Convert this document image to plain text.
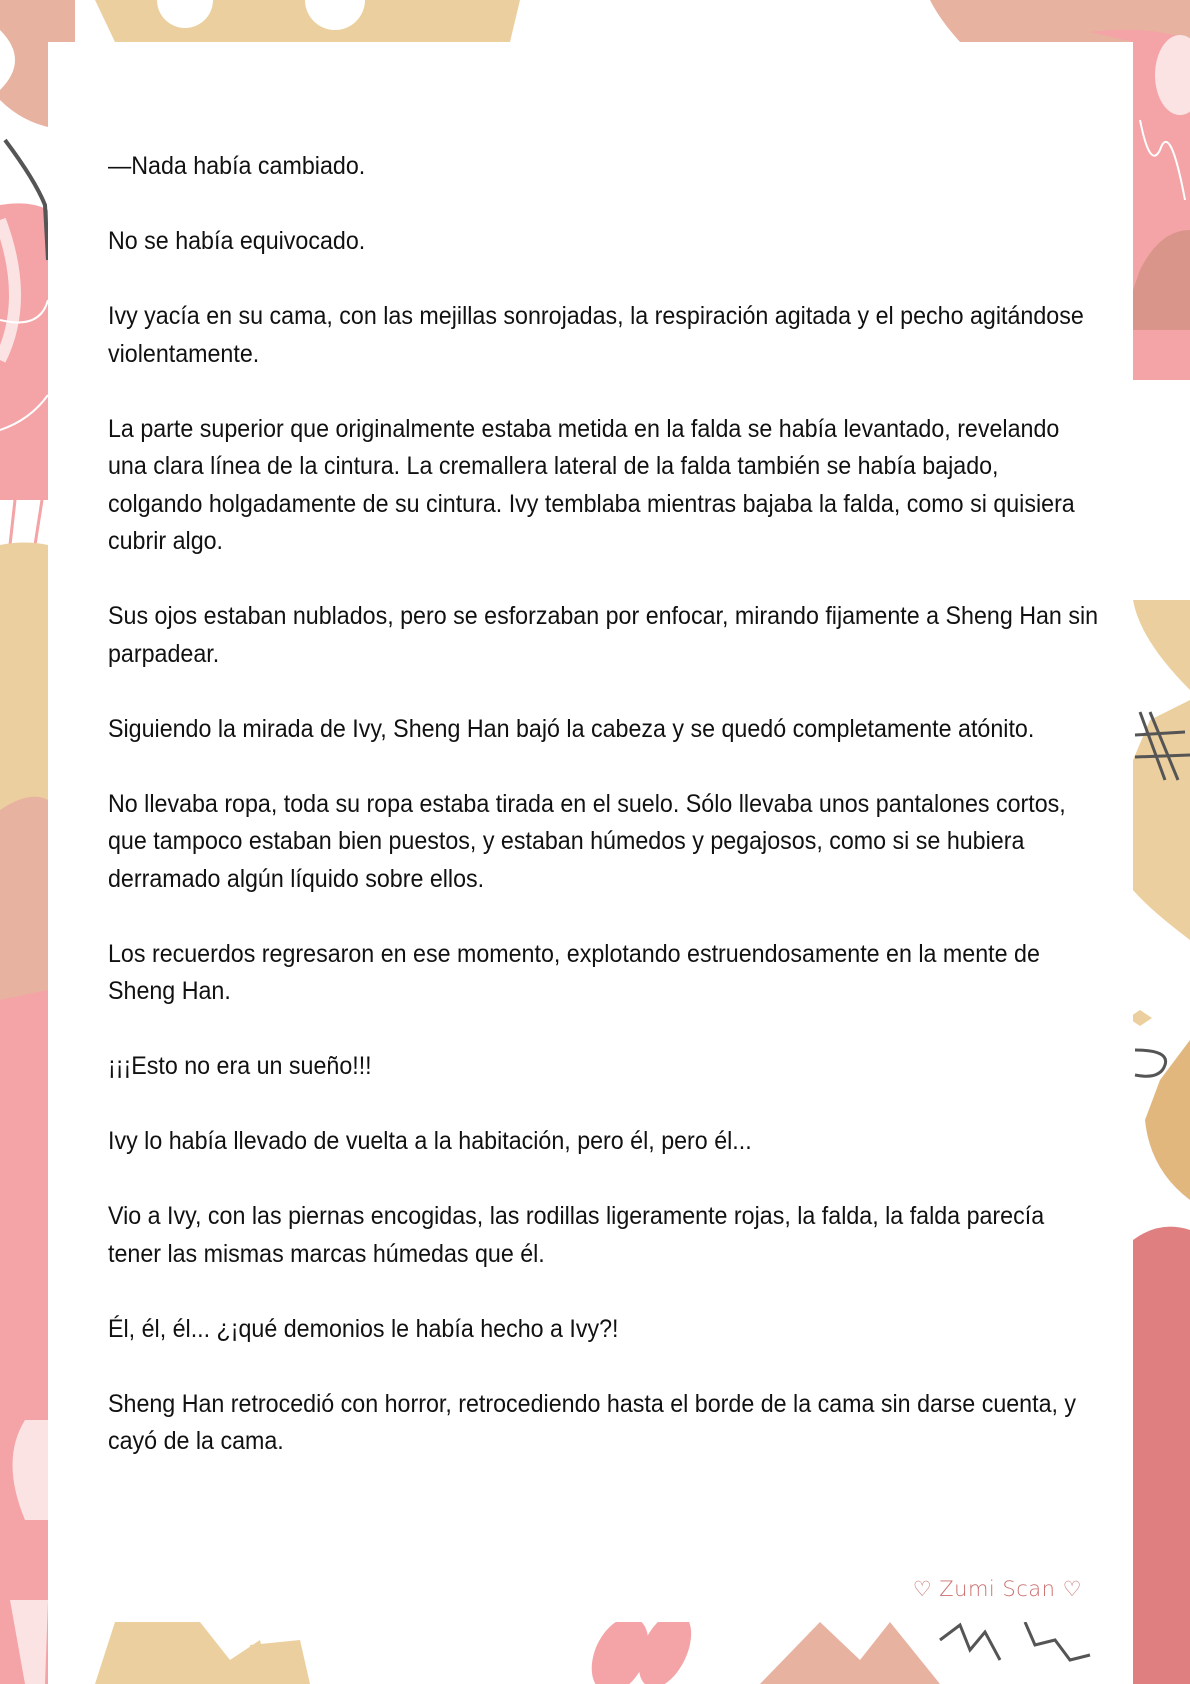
—Nada había cambiado.

No se había equivocado.

Ivy yacía en su cama, con las mejillas sonrojadas, la respiración agitada y el pecho agitándose violentamente.

La parte superior que originalmente estaba metida en la falda se había levantado, revelando una clara línea de la cintura. La cremallera lateral de la falda también se había bajado, colgando holgadamente de su cintura. Ivy temblaba mientras bajaba la falda, como si quisiera cubrir algo.

Sus ojos estaban nublados, pero se esforzaban por enfocar, mirando fijamente a Sheng Han sin parpadear.

Siguiendo la mirada de Ivy, Sheng Han bajó la cabeza y se quedó completamente atónito.

No llevaba ropa, toda su ropa estaba tirada en el suelo. Sólo llevaba unos pantalones cortos, que tampoco estaban bien puestos, y estaban húmedos y pegajosos, como si se hubiera derramado algún líquido sobre ellos.

Los recuerdos regresaron en ese momento, explotando estruendosamente en la mente de Sheng Han.

¡¡¡Esto no era un sueño!!!

Ivy lo había llevado de vuelta a la habitación, pero él, pero él...

Vio a Ivy, con las piernas encogidas, las rodillas ligeramente rojas, la falda, la falda parecía tener las mismas marcas húmedas que él.

Él, él, él... ¿¡qué demonios le había hecho a Ivy?!

Sheng Han retrocedió con horror, retrocediendo hasta el borde de la cama sin darse cuenta, y cayó de la cama.

♡ Zumi Scan ♡
